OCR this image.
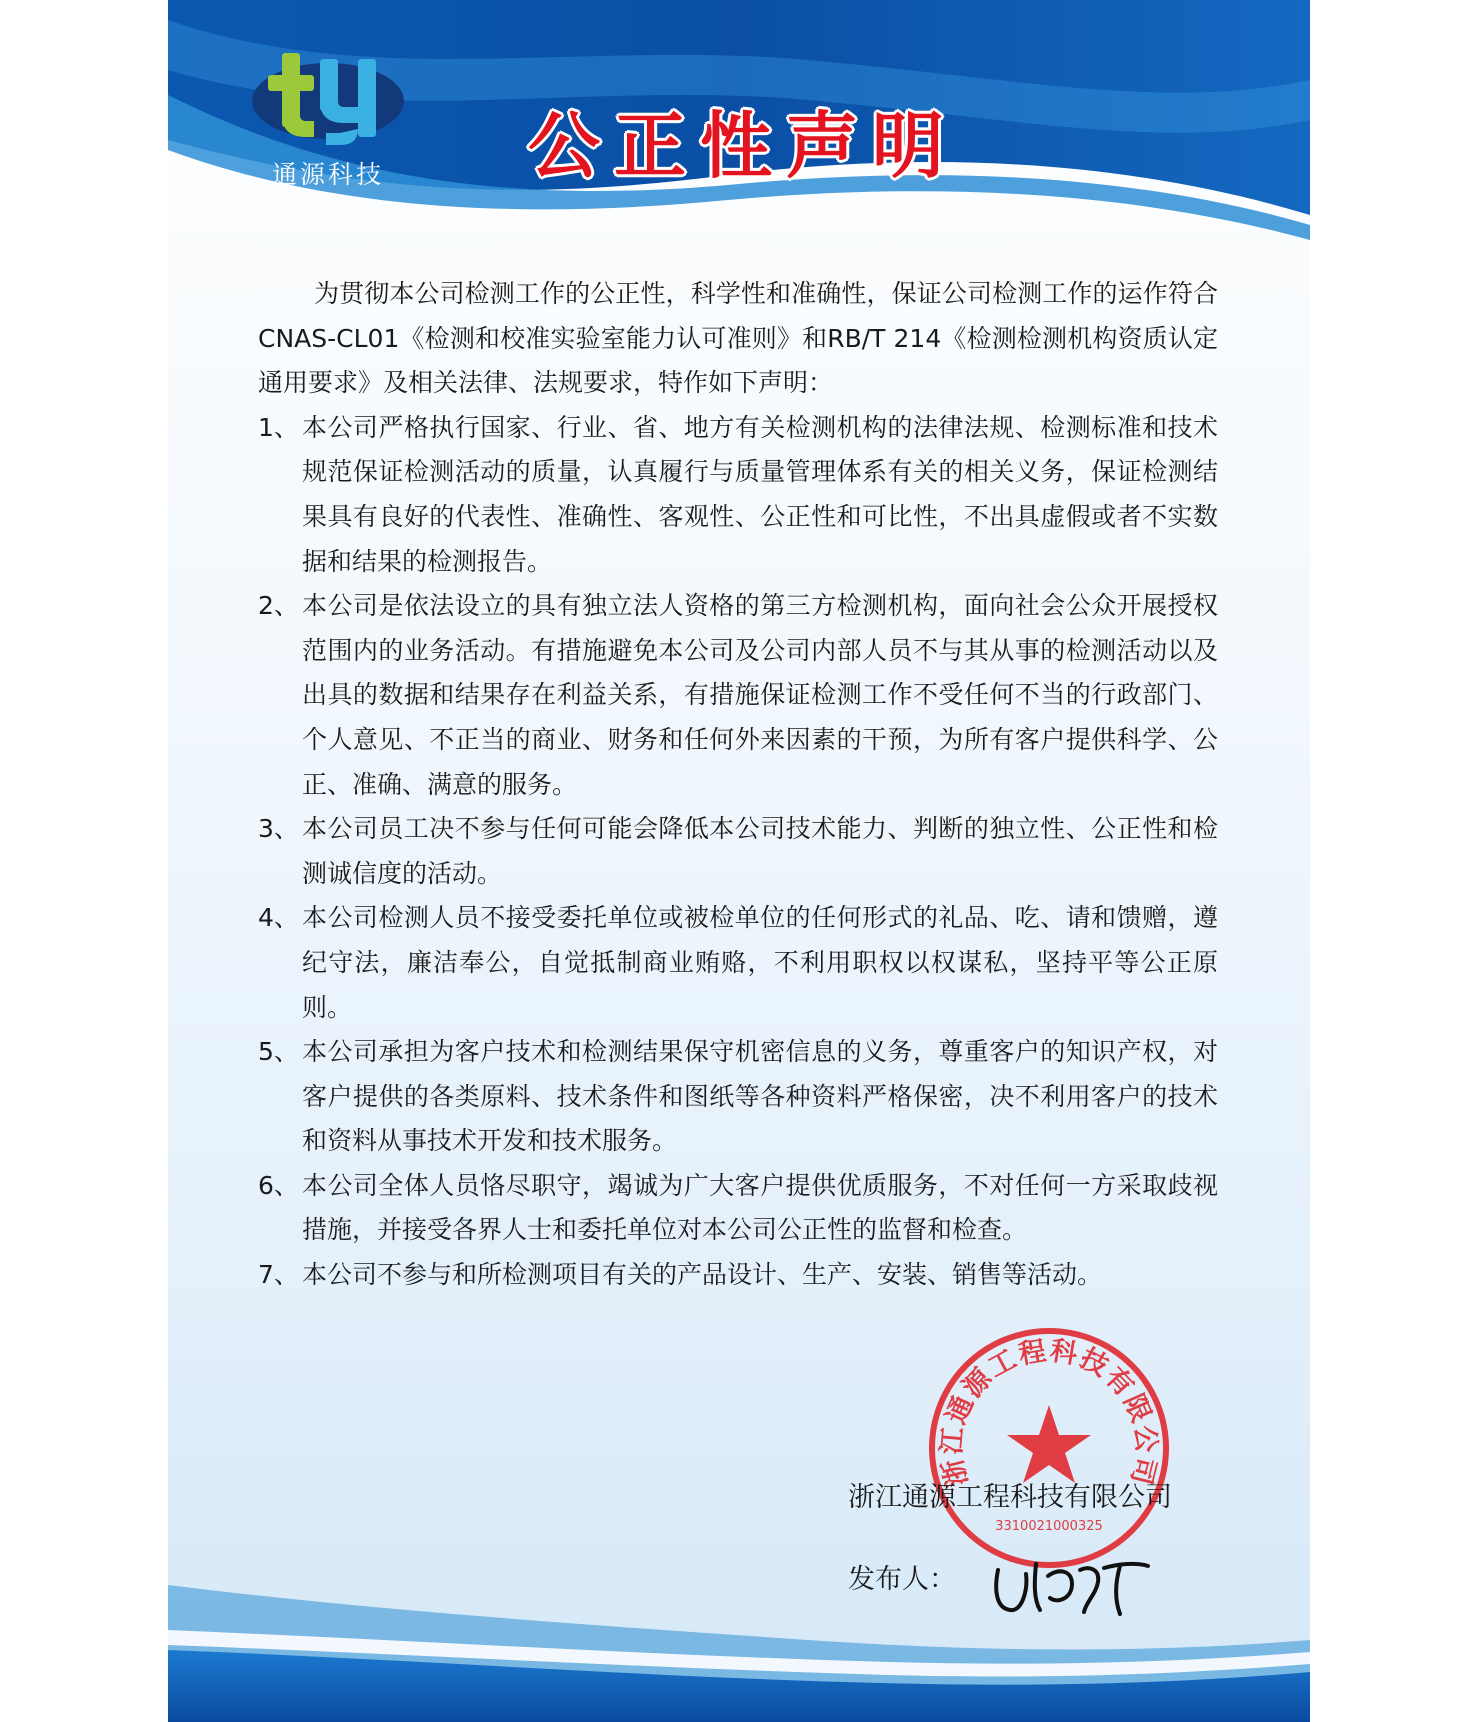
通源科技	公正性声明

为贯彻本公司检测工作的公正性，科学性和准确性，保证公司检测工作的运作符合CNAS-CL01《检测和校准实验室能力认可准则》和RB/T 214《检测检测机构资质认定通用要求》及相关法律、法规要求，特作如下声明：

1、 本公司严格执行国家、行业、省、地方有关检测机构的法律法规、检测标准和技术规范保证检测活动的质量，认真履行与质量管理体系有关的相关义务，保证检测结果具有良好的代表性、准确性、客观性、公正性和可比性，不出具虚假或者不实数据和结果的检测报告。
2、 本公司是依法设立的具有独立法人资格的第三方检测机构，面向社会公众开展授权范围内的业务活动。有措施避免本公司及公司内部人员不与其从事的检测活动以及出具的数据和结果存在利益关系，有措施保证检测工作不受任何不当的行政部门、个人意见、不正当的商业、财务和任何外来因素的干预，为所有客户提供科学、公正、准确、满意的服务。
3、 本公司员工决不参与任何可能会降低本公司技术能力、判断的独立性、公正性和检测诚信度的活动。
4、 本公司检测人员不接受委托单位或被检单位的任何形式的礼品、吃、请和馈赠，遵纪守法，廉洁奉公，自觉抵制商业贿赂，不利用职权以权谋私，坚持平等公正原则。
5、 本公司承担为客户技术和检测结果保守机密信息的义务，尊重客户的知识产权，对客户提供的各类原料、技术条件和图纸等各种资料严格保密，决不利用客户的技术和资料从事技术开发和技术服务。
6、 本公司全体人员恪尽职守，竭诚为广大客户提供优质服务，不对任何一方采取歧视措施，并接受各界人士和委托单位对本公司公正性的监督和检查。
7、 本公司不参与和所检测项目有关的产品设计、生产、安装、销售等活动。
浙江通源工程科技有限公司
3310021000325
浙江通源工程科技有限公司
发布人：
